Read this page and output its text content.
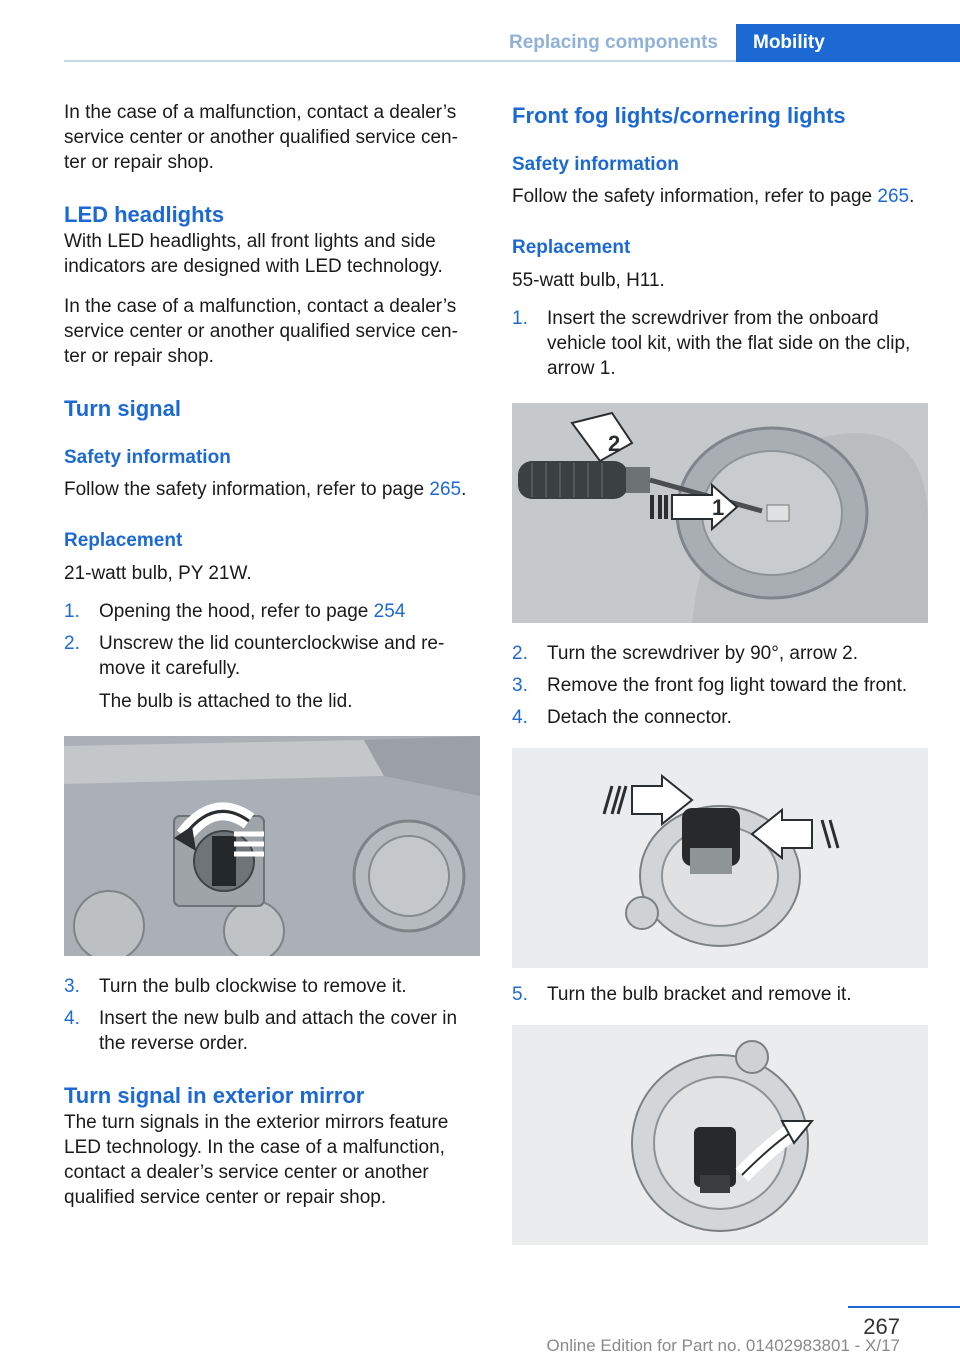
Replacing components	Mobility

In the case of a malfunction, contact a dealer’s service center or another qualified service cen‐ter or repair shop.

LED headlights

With LED headlights, all front lights and side indicators are designed with LED technology.

In the case of a malfunction, contact a dealer’s service center or another qualified service cen‐ter or repair shop.

Turn signal
Safety information

Follow the safety information, refer to page 265.

Replacement

21-watt bulb, PY 21W.

1.	Opening the hood, refer to page 254
2.	Unscrew the lid counterclockwise and re‐move it carefully.
The bulb is attached to the lid.
3.	Turn the bulb clockwise to remove it.
4.	Insert the new bulb and attach the cover in the reverse order.
Turn signal in exterior mirror

The turn signals in the exterior mirrors feature LED technology. In the case of a malfunction, contact a dealer’s service center or another qualified service center or repair shop.

Front fog lights/cornering lights
Safety information

Follow the safety information, refer to page 265.

Replacement

55-watt bulb, H11.

1.	Insert the screwdriver from the onboard vehicle tool kit, with the flat side on the clip, arrow 1.
2
1
2.	Turn the screwdriver by 90°, arrow 2.
3.	Remove the front fog light toward the front.
4.	Detach the connector.
5.	Turn the bulb bracket and remove it.
267
Online Edition for Part no. 01402983801 - X/17
